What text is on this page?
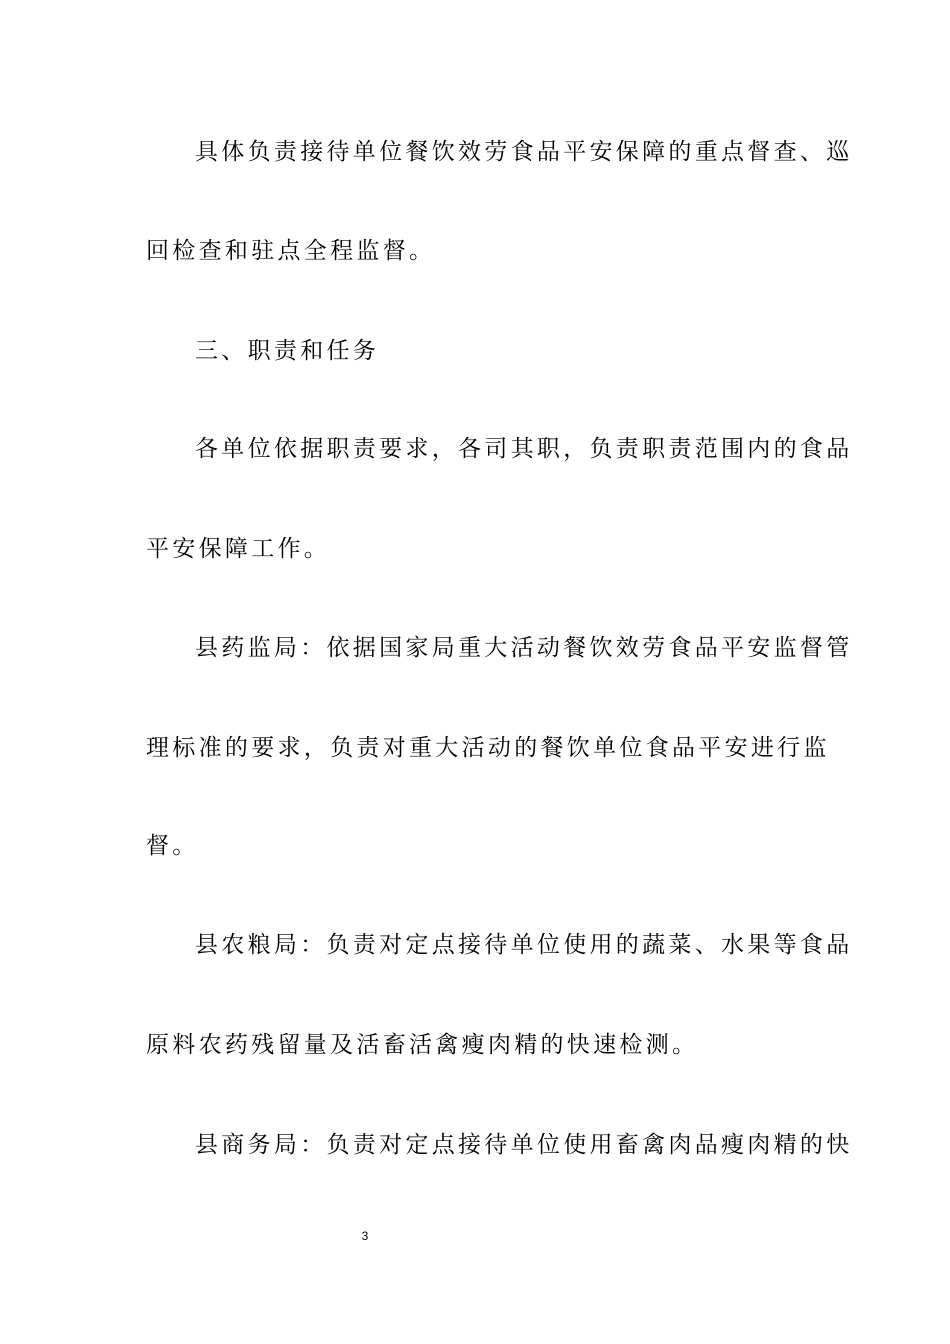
具体负责接待单位餐饮效劳食品平安保障的重点督查、巡
回检查和驻点全程监督。
三、职责和任务
各单位依据职责要求，各司其职，负责职责范围内的食品
平安保障工作。
县药监局：依据国家局重大活动餐饮效劳食品平安监督管
理标准的要求，负责对重大活动的餐饮单位食品平安进行监
督。
县农粮局：负责对定点接待单位使用的蔬菜、水果等食品
原料农药残留量及活畜活禽瘦肉精的快速检测。
县商务局：负责对定点接待单位使用畜禽肉品瘦肉精的快
3
